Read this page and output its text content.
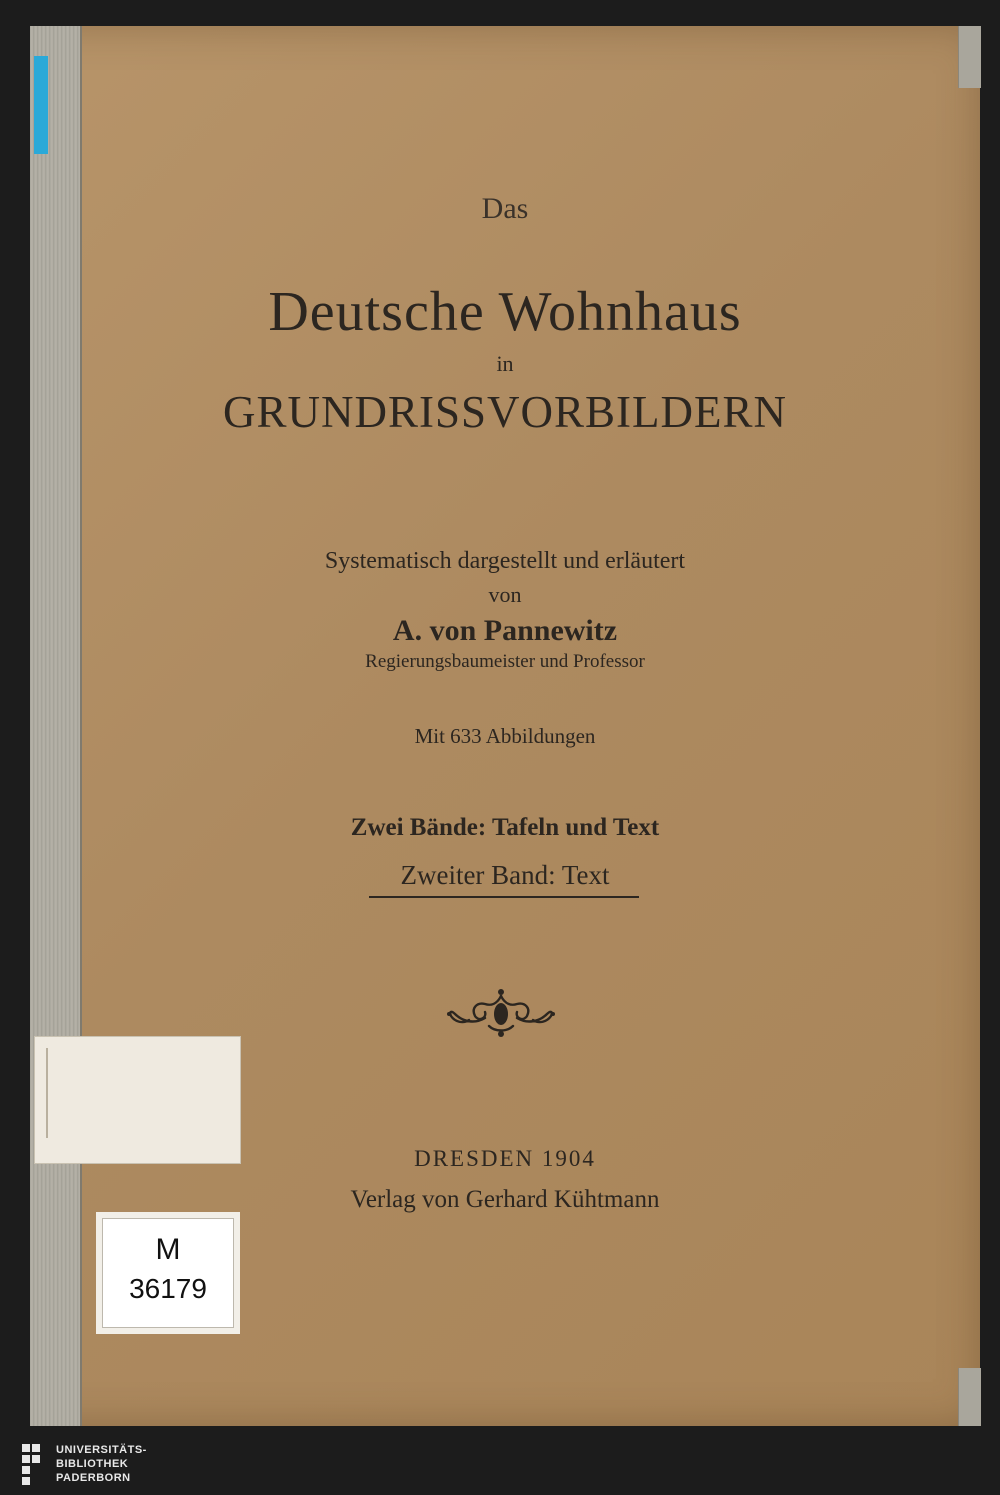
Das

Deutsche Wohnhaus

in

GRUNDRISSVORBILDERN

Systematisch dargestellt und erläutert

von

A. von Pannewitz

Regierungsbaumeister und Professor

Mit 633 Abbildungen

Zwei Bände: Tafeln und Text

Zweiter Band: Text

DRESDEN 1904

Verlag von Gerhard Kühtmann

M

36179

UNIVERSITÄTS-
BIBLIOTHEK
PADERBORN
